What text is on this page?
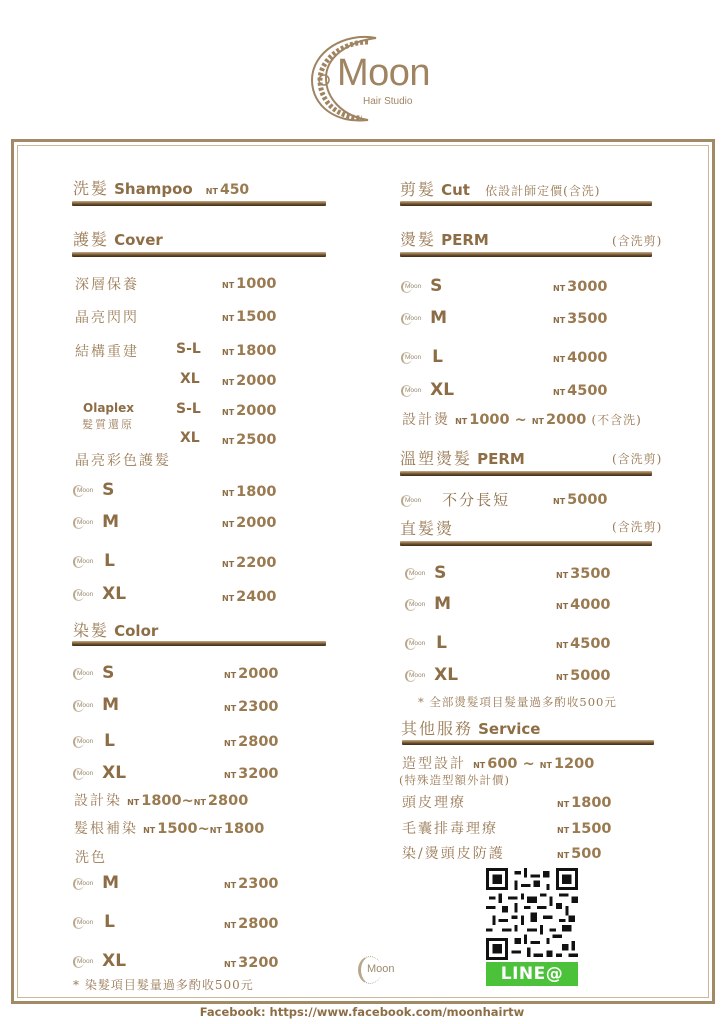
Moon
Hair Studio
洗髮 Shampoo NT 450
護髮 Cover
深層保養	NT 1000
晶亮閃閃	NT 1500
結構重建	S-L	NT 1800
XL	NT 2000
Olaplex
髮質還原
S-L	NT 2000
XL	NT 2500
晶亮彩色護髮
Moon S	NT 1800
Moon M	NT 2000
Moon L	NT 2200
Moon XL	NT 2400
染髮 Color
Moon S	NT 2000
Moon M	NT 2300
Moon L	NT 2800
Moon XL	NT 3200
設計染 NT 1800~NT 2800
髮根補染 NT 1500~NT 1800
洗色
Moon M	NT 2300
Moon L	NT 2800
Moon XL	NT 3200
* 染髮項目髮量過多酌收500元
剪髮 Cut 依設計師定價(含洗)
燙髮 PERM	(含洗剪)
Moon S	NT 3000
Moon M	NT 3500
Moon L	NT 4000
Moon XL	NT 4500
設計燙 NT 1000 ~ NT 2000 (不含洗)
溫塑燙髮 PERM	(含洗剪)
Moon 不分長短	NT 5000
直髮燙	(含洗剪)
Moon S	NT 3500
Moon M	NT 4000
Moon L	NT 4500
Moon XL	NT 5000
* 全部燙髮項目髮量過多酌收500元
其他服務 Service
造型設計 NT 600 ~ NT 1200
(特殊造型額外計價)
頭皮理療	NT 1800
毛囊排毒理療	NT 1500
染/燙頭皮防護	NT 500
LINE@
Moon
Facebook: https://www.facebook.com/moonhairtw
